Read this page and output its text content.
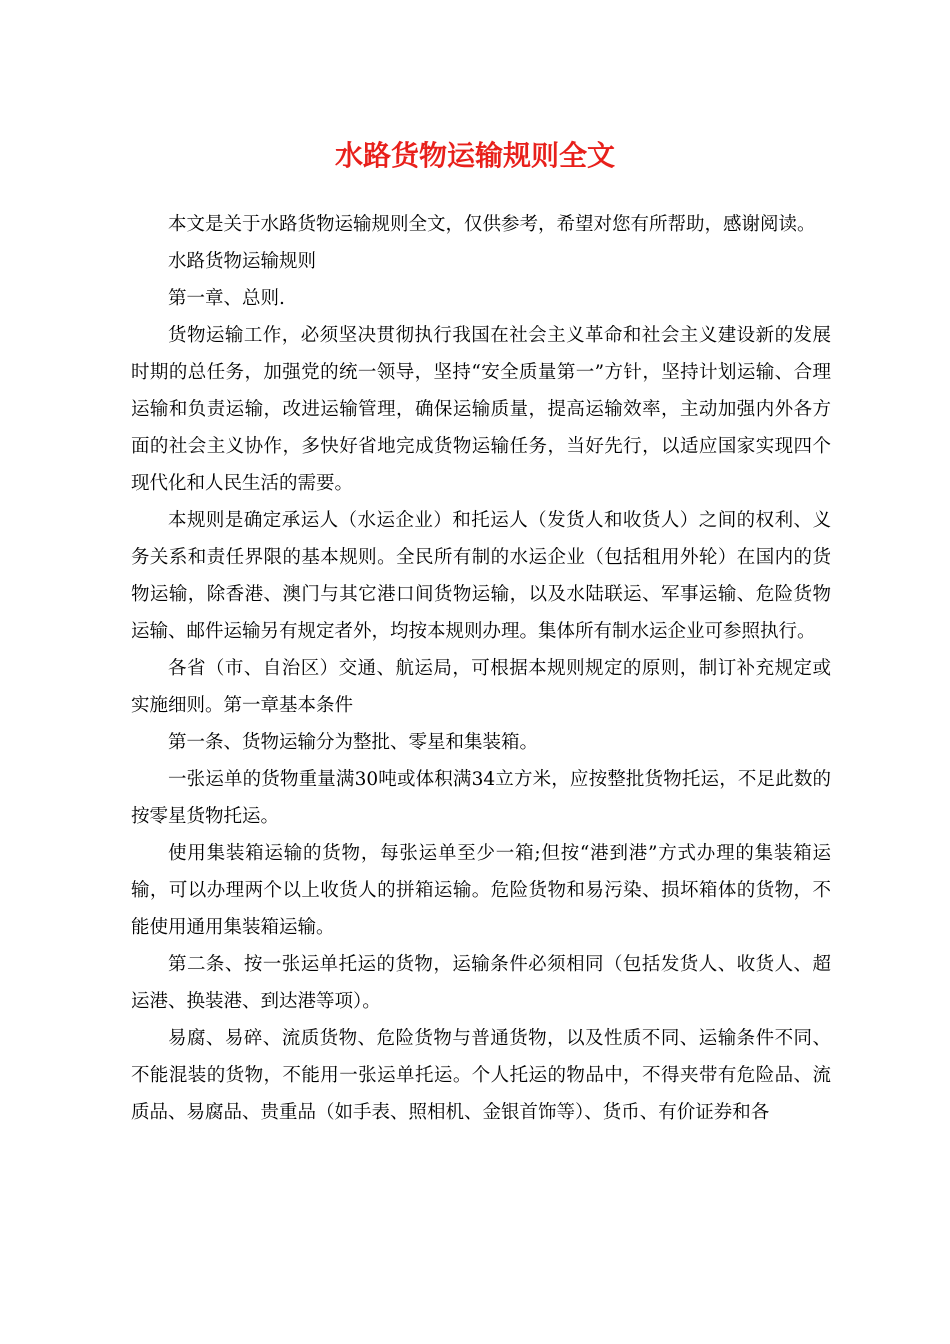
水路货物运输规则全文

本文是关于水路货物运输规则全文，仅供参考，希望对您有所帮助，感谢阅读。

水路货物运输规则

第一章、总则.

货物运输工作，必须坚决贯彻执行我国在社会主义革命和社会主义建设新的发展时期的总任务，加强党的统一领导，坚持“安全质量第一”方针，坚持计划运输、合理运输和负责运输，改进运输管理，确保运输质量，提高运输效率，主动加强内外各方面的社会主义协作，多快好省地完成货物运输任务，当好先行，以适应国家实现四个现代化和人民生活的需要。

本规则是确定承运人（水运企业）和托运人（发货人和收货人）之间的权利、义务关系和责任界限的基本规则。全民所有制的水运企业（包括租用外轮）在国内的货物运输，除香港、澳门与其它港口间货物运输，以及水陆联运、军事运输、危险货物运输、邮件运输另有规定者外，均按本规则办理。集体所有制水运企业可参照执行。

各省（市、自治区）交通、航运局，可根据本规则规定的原则，制订补充规定或实施细则。第一章基本条件

第一条、货物运输分为整批、零星和集装箱。

一张运单的货物重量满30吨或体积满34立方米，应按整批货物托运，不足此数的按零星货物托运。

使用集装箱运输的货物，每张运单至少一箱;但按“港到港”方式办理的集装箱运输，可以办理两个以上收货人的拼箱运输。危险货物和易污染、损坏箱体的货物，不能使用通用集装箱运输。

第二条、按一张运单托运的货物，运输条件必须相同（包括发货人、收货人、超运港、换装港、到达港等项）。

易腐、易碎、流质货物、危险货物与普通货物，以及性质不同、运输条件不同、不能混装的货物，不能用一张运单托运。个人托运的物品中，不得夹带有危险品、流质品、易腐品、贵重品（如手表、照相机、金银首饰等）、货币、有价证券和各
